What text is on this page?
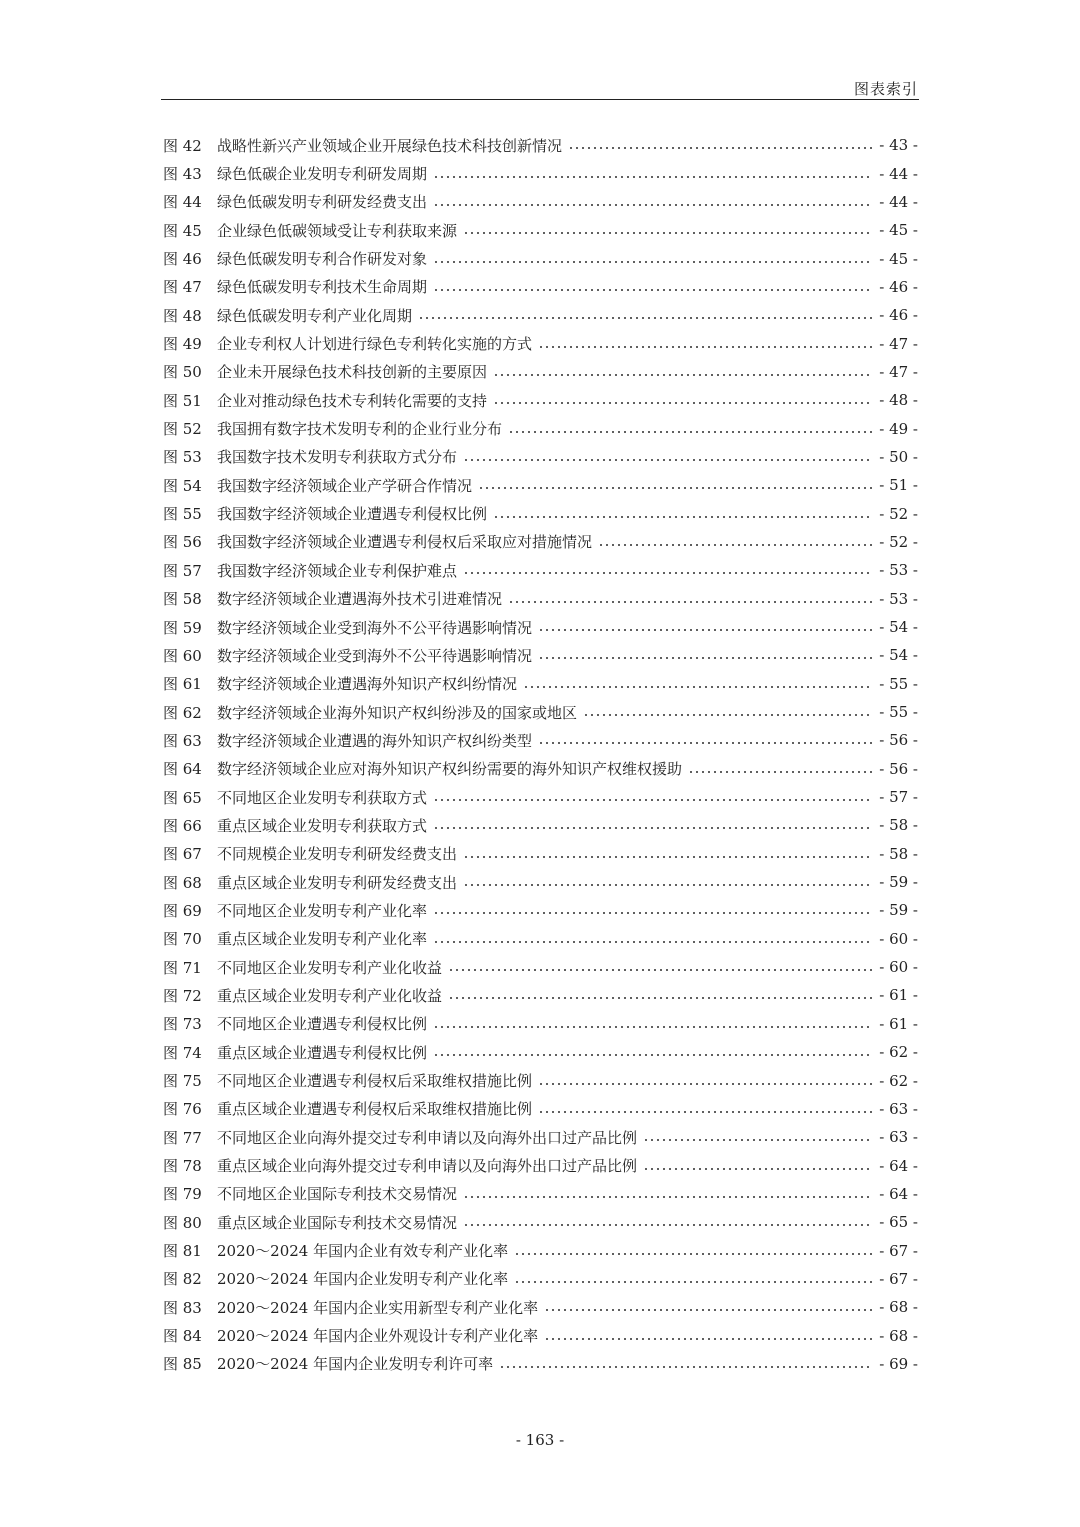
图表索引
图 42	战略性新兴产业领域企业开展绿色技术科技创新情况	- 43 -
图 43	绿色低碳企业发明专利研发周期	- 44 -
图 44	绿色低碳发明专利研发经费支出	- 44 -
图 45	企业绿色低碳领域受让专利获取来源	- 45 -
图 46	绿色低碳发明专利合作研发对象	- 45 -
图 47	绿色低碳发明专利技术生命周期	- 46 -
图 48	绿色低碳发明专利产业化周期	- 46 -
图 49	企业专利权人计划进行绿色专利转化实施的方式	- 47 -
图 50	企业未开展绿色技术科技创新的主要原因	- 47 -
图 51	企业对推动绿色技术专利转化需要的支持	- 48 -
图 52	我国拥有数字技术发明专利的企业行业分布	- 49 -
图 53	我国数字技术发明专利获取方式分布	- 50 -
图 54	我国数字经济领域企业产学研合作情况	- 51 -
图 55	我国数字经济领域企业遭遇专利侵权比例	- 52 -
图 56	我国数字经济领域企业遭遇专利侵权后采取应对措施情况	- 52 -
图 57	我国数字经济领域企业专利保护难点	- 53 -
图 58	数字经济领域企业遭遇海外技术引进难情况	- 53 -
图 59	数字经济领域企业受到海外不公平待遇影响情况	- 54 -
图 60	数字经济领域企业受到海外不公平待遇影响情况	- 54 -
图 61	数字经济领域企业遭遇海外知识产权纠纷情况	- 55 -
图 62	数字经济领域企业海外知识产权纠纷涉及的国家或地区	- 55 -
图 63	数字经济领域企业遭遇的海外知识产权纠纷类型	- 56 -
图 64	数字经济领域企业应对海外知识产权纠纷需要的海外知识产权维权援助	- 56 -
图 65	不同地区企业发明专利获取方式	- 57 -
图 66	重点区域企业发明专利获取方式	- 58 -
图 67	不同规模企业发明专利研发经费支出	- 58 -
图 68	重点区域企业发明专利研发经费支出	- 59 -
图 69	不同地区企业发明专利产业化率	- 59 -
图 70	重点区域企业发明专利产业化率	- 60 -
图 71	不同地区企业发明专利产业化收益	- 60 -
图 72	重点区域企业发明专利产业化收益	- 61 -
图 73	不同地区企业遭遇专利侵权比例	- 61 -
图 74	重点区域企业遭遇专利侵权比例	- 62 -
图 75	不同地区企业遭遇专利侵权后采取维权措施比例	- 62 -
图 76	重点区域企业遭遇专利侵权后采取维权措施比例	- 63 -
图 77	不同地区企业向海外提交过专利申请以及向海外出口过产品比例	- 63 -
图 78	重点区域企业向海外提交过专利申请以及向海外出口过产品比例	- 64 -
图 79	不同地区企业国际专利技术交易情况	- 64 -
图 80	重点区域企业国际专利技术交易情况	- 65 -
图 81	2020～2024 年国内企业有效专利产业化率	- 67 -
图 82	2020～2024 年国内企业发明专利产业化率	- 67 -
图 83	2020～2024 年国内企业实用新型专利产业化率	- 68 -
图 84	2020～2024 年国内企业外观设计专利产业化率	- 68 -
图 85	2020～2024 年国内企业发明专利许可率	- 69 -
- 163 -
